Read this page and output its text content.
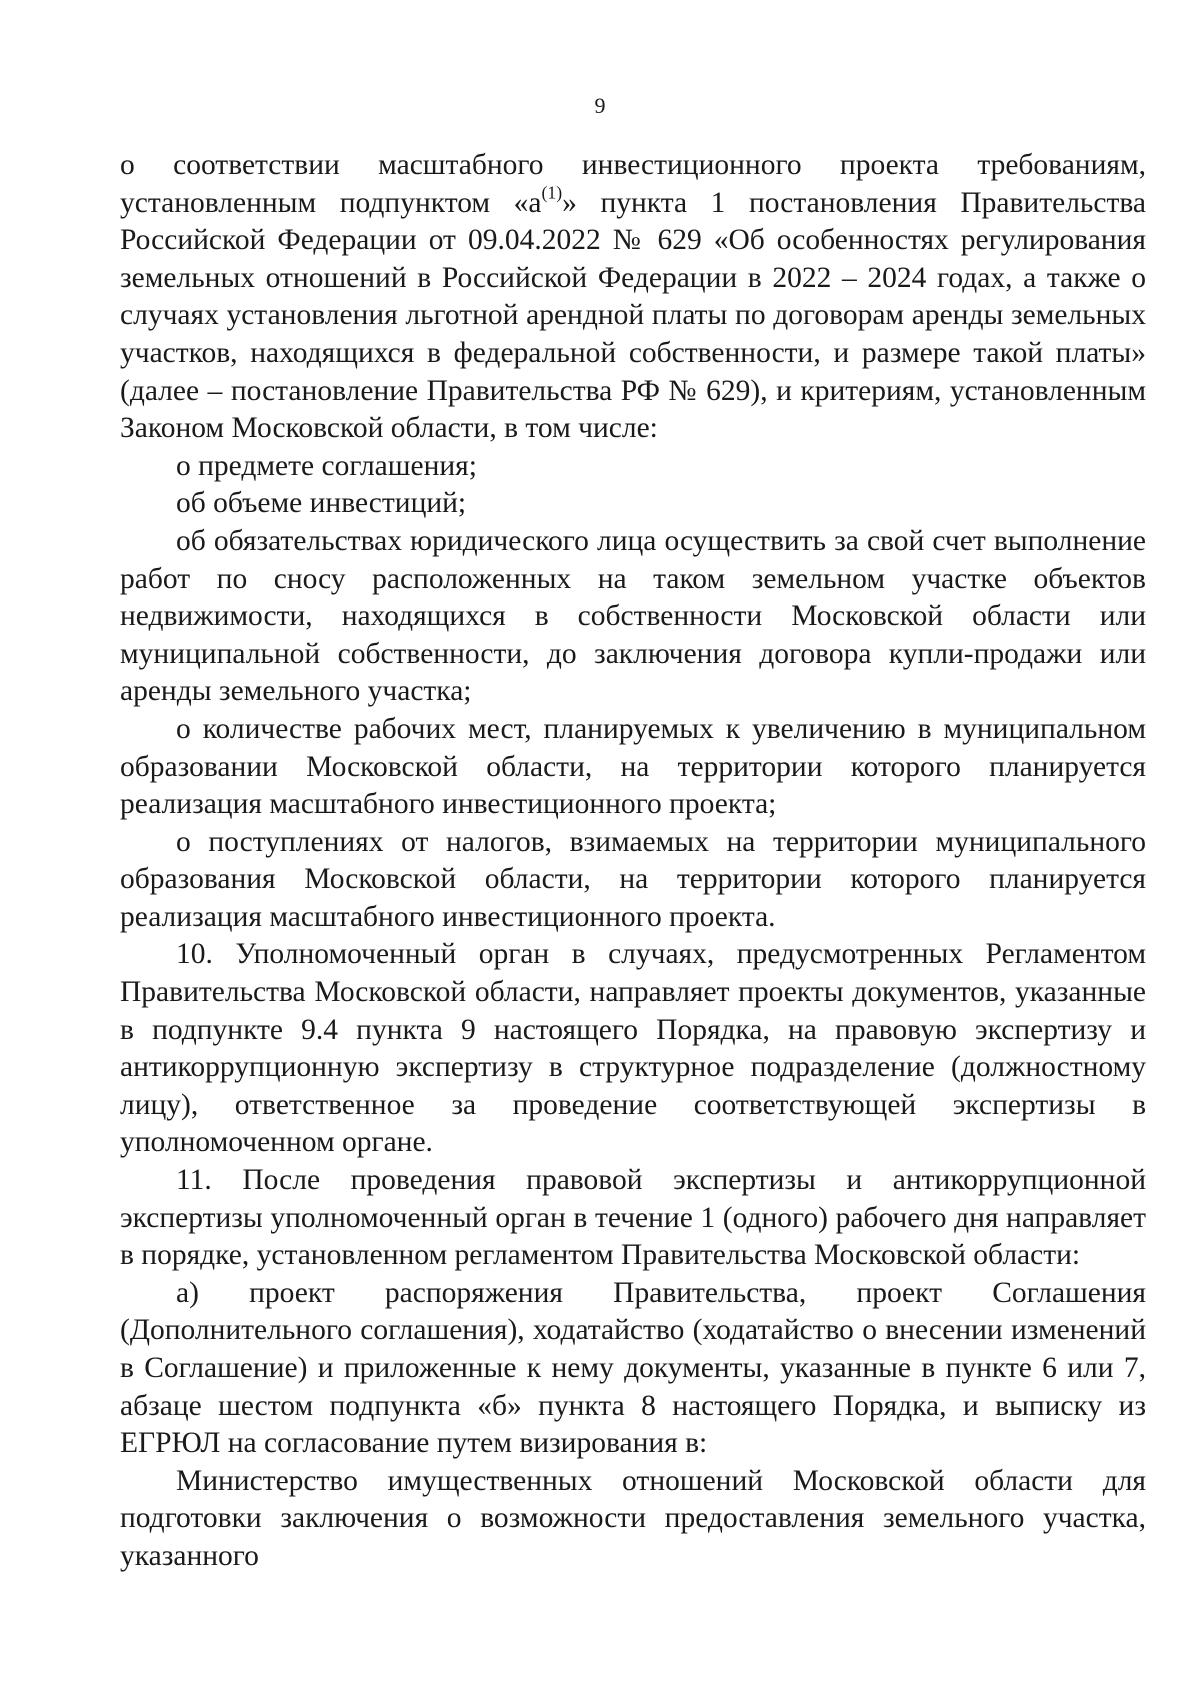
9

о соответствии масштабного инвестиционного проекта требованиям, установленным подпунктом «$а^{(1)}$» пункта 1 постановления Правительства Российской Федерации от 09.04.2022 № 629 «Об особенностях регулирования земельных отношений в Российской Федерации в 2022 – 2024 годах, а также о случаях установления льготной арендной платы по договорам аренды земельных участков, находящихся в федеральной собственности, и размере такой платы» (далее – постановление Правительства РФ № 629), и критериям, установленным Законом Московской области, в том числе:

о предмете соглашения;

об объеме инвестиций;

об обязательствах юридического лица осуществить за свой счет выполнение работ по сносу расположенных на таком земельном участке объектов недвижимости, находящихся в собственности Московской области или муниципальной собственности, до заключения договора купли-продажи или аренды земельного участка;

о количестве рабочих мест, планируемых к увеличению в муниципальном образовании Московской области, на территории которого планируется реализация масштабного инвестиционного проекта;

о поступлениях от налогов, взимаемых на территории муниципального образования Московской области, на территории которого планируется реализация масштабного инвестиционного проекта.

10. Уполномоченный орган в случаях, предусмотренных Регламентом Правительства Московской области, направляет проекты документов, указанные в подпункте 9.4 пункта 9 настоящего Порядка, на правовую экспертизу и антикоррупционную экспертизу в структурное подразделение (должностному лицу), ответственное за проведение соответствующей экспертизы в уполномоченном органе.

11. После проведения правовой экспертизы и антикоррупционной экспертизы уполномоченный орган в течение 1 (одного) рабочего дня направляет в порядке, установленном регламентом Правительства Московской области:

а) проект распоряжения Правительства, проект Соглашения (Дополнительного соглашения), ходатайство (ходатайство о внесении изменений в Соглашение) и приложенные к нему документы, указанные в пункте 6 или 7, абзаце шестом подпункта «б» пункта 8 настоящего Порядка, и выписку из ЕГРЮЛ на согласование путем визирования в:

Министерство имущественных отношений Московской области для подготовки заключения о возможности предоставления земельного участка, указанного
